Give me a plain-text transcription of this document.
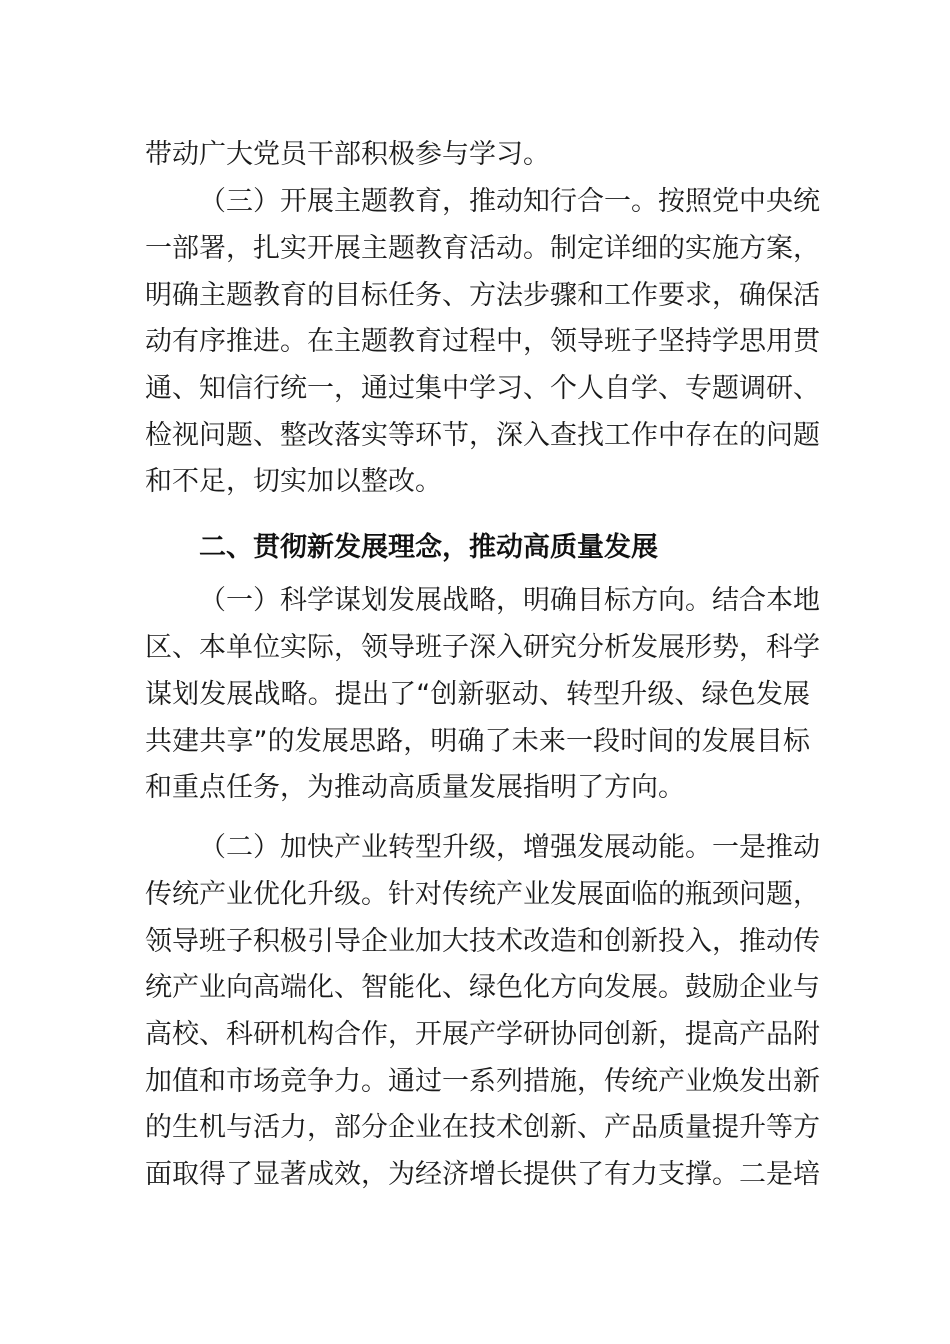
带动广大党员干部积极参与学习。
（三）开展主题教育，推动知行合一。按照党中央统
一部署，扎实开展主题教育活动。制定详细的实施方案，
明确主题教育的目标任务、方法步骤和工作要求，确保活
动有序推进。在主题教育过程中，领导班子坚持学思用贯
通、知信行统一，通过集中学习、个人自学、专题调研、
检视问题、整改落实等环节，深入查找工作中存在的问题
和不足，切实加以整改。
二、贯彻新发展理念，推动高质量发展
（一）科学谋划发展战略，明确目标方向。结合本地
区、本单位实际，领导班子深入研究分析发展形势，科学
谋划发展战略。提出了“创新驱动、转型升级、绿色发展
共建共享”的发展思路，明确了未来一段时间的发展目标
和重点任务，为推动高质量发展指明了方向。
（二）加快产业转型升级，增强发展动能。一是推动
传统产业优化升级。针对传统产业发展面临的瓶颈问题，
领导班子积极引导企业加大技术改造和创新投入，推动传
统产业向高端化、智能化、绿色化方向发展。鼓励企业与
高校、科研机构合作，开展产学研协同创新，提高产品附
加值和市场竞争力。通过一系列措施，传统产业焕发出新
的生机与活力，部分企业在技术创新、产品质量提升等方
面取得了显著成效，为经济增长提供了有力支撑。二是培
